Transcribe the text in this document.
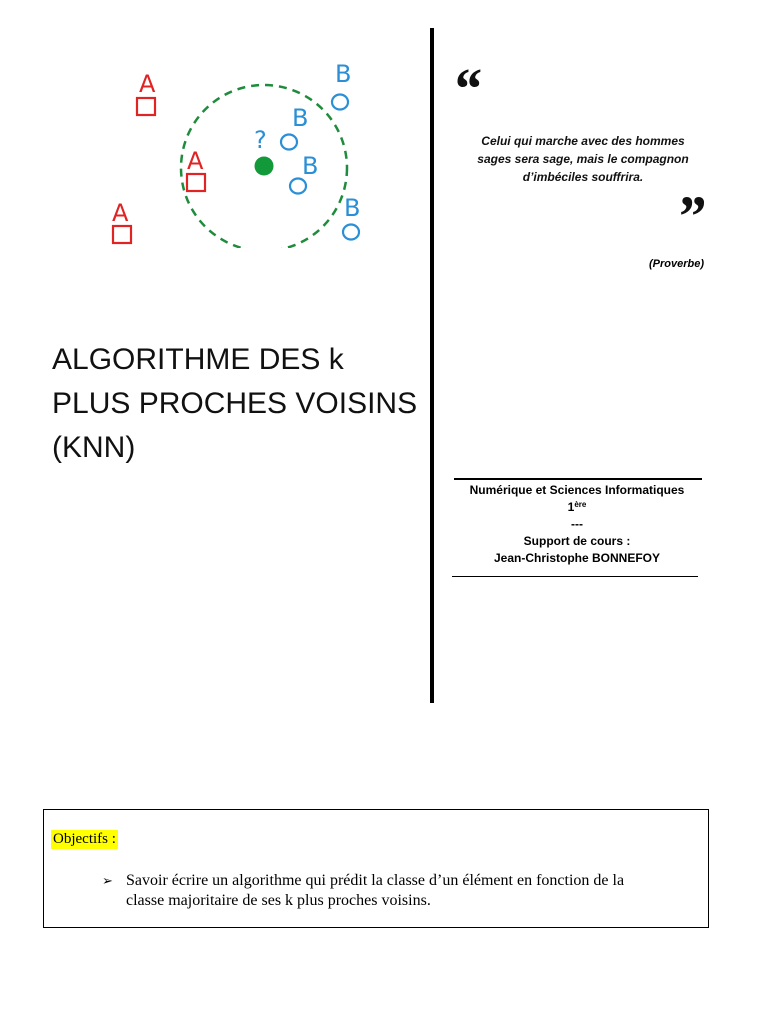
A
A
A
B
B
B
B
?
ALGORITHME DES k
PLUS PROCHES VOISINS
(KNN)
“
Celui qui marche avec des hommes
sages sera sage, mais le compagnon
d’imbéciles souffrira.
”
(Proverbe)
Numérique et Sciences Informatiques
1ère
---
Support de cours :
Jean-Christophe BONNEFOY
Objectifs :
➢ Savoir écrire un algorithme qui prédit la classe d’un élément en fonction de la
classe majoritaire de ses k plus proches voisins.
